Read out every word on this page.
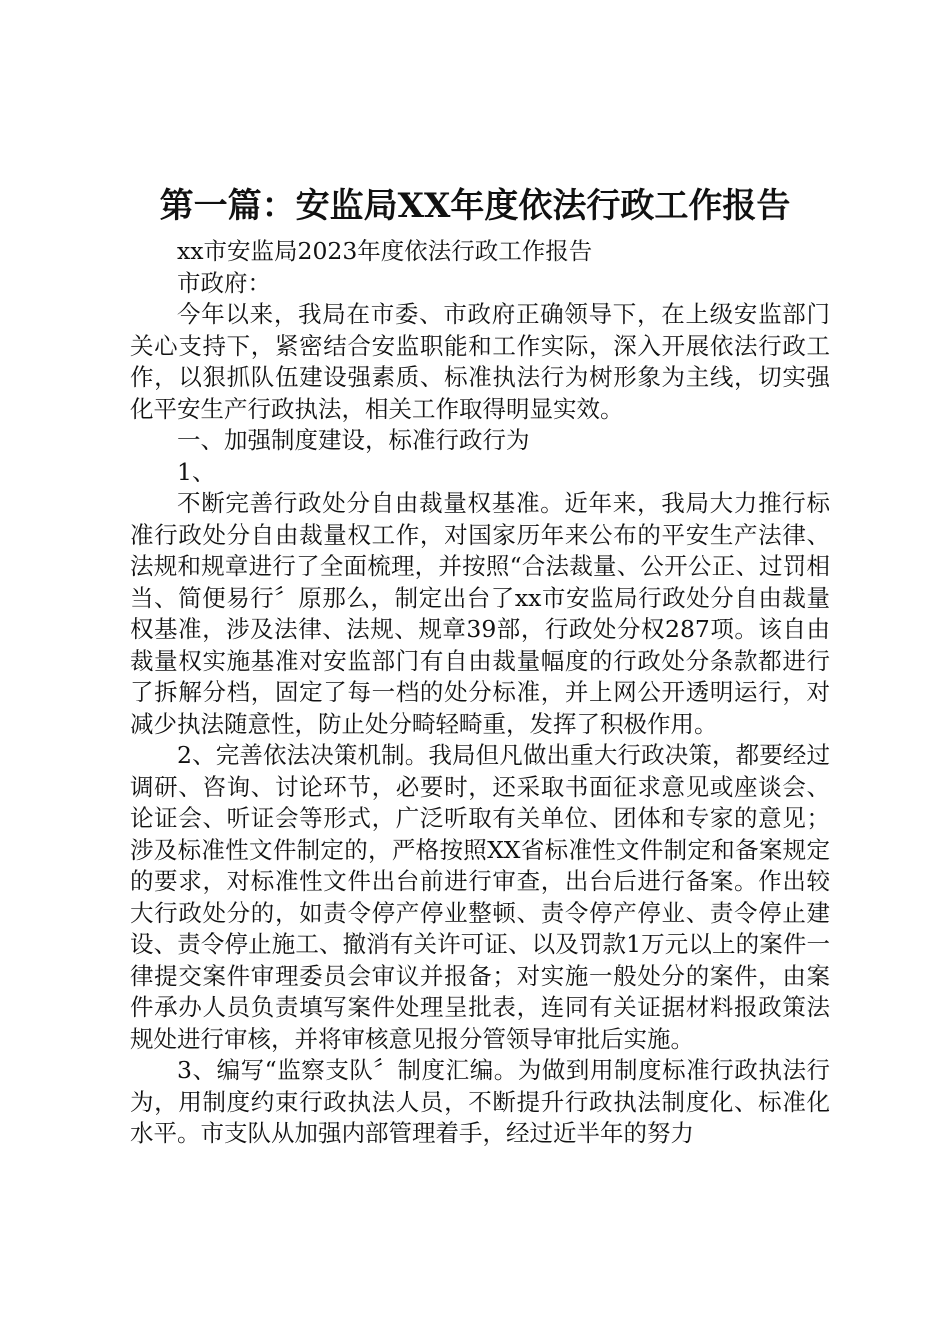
第一篇：安监局XX年度依法行政工作报告

xx市安监局2023年度依法行政工作报告

市政府：

今年以来，我局在市委、市政府正确领导下，在上级安监部门关心支持下，紧密结合安监职能和工作实际，深入开展依法行政工作，以狠抓队伍建设强素质、标准执法行为树形象为主线，切实强化平安生产行政执法，相关工作取得明显实效。

一、加强制度建设，标准行政行为

1、

不断完善行政处分自由裁量权基准。近年来，我局大力推行标准行政处分自由裁量权工作，对国家历年来公布的平安生产法律、法规和规章进行了全面梳理，并按照“合法裁量、公开公正、过罚相当、简便易行〞原那么，制定出台了xx市安监局行政处分自由裁量权基准，涉及法律、法规、规章39部，行政处分权287项。该自由裁量权实施基准对安监部门有自由裁量幅度的行政处分条款都进行了拆解分档，固定了每一档的处分标准，并上网公开透明运行，对减少执法随意性，防止处分畸轻畸重，发挥了积极作用。

2、完善依法决策机制。我局但凡做出重大行政决策，都要经过调研、咨询、讨论环节，必要时，还采取书面征求意见或座谈会、论证会、听证会等形式，广泛听取有关单位、团体和专家的意见；涉及标准性文件制定的，严格按照XX省标准性文件制定和备案规定的要求，对标准性文件出台前进行审查，出台后进行备案。作出较大行政处分的，如责令停产停业整顿、责令停产停业、责令停止建设、责令停止施工、撤消有关许可证、以及罚款1万元以上的案件一律提交案件审理委员会审议并报备；对实施一般处分的案件，由案件承办人员负责填写案件处理呈批表，连同有关证据材料报政策法规处进行审核，并将审核意见报分管领导审批后实施。

3、编写“监察支队〞制度汇编。为做到用制度标准行政执法行为，用制度约束行政执法人员，不断提升行政执法制度化、标准化水平。市支队从加强内部管理着手，经过近半年的努力
